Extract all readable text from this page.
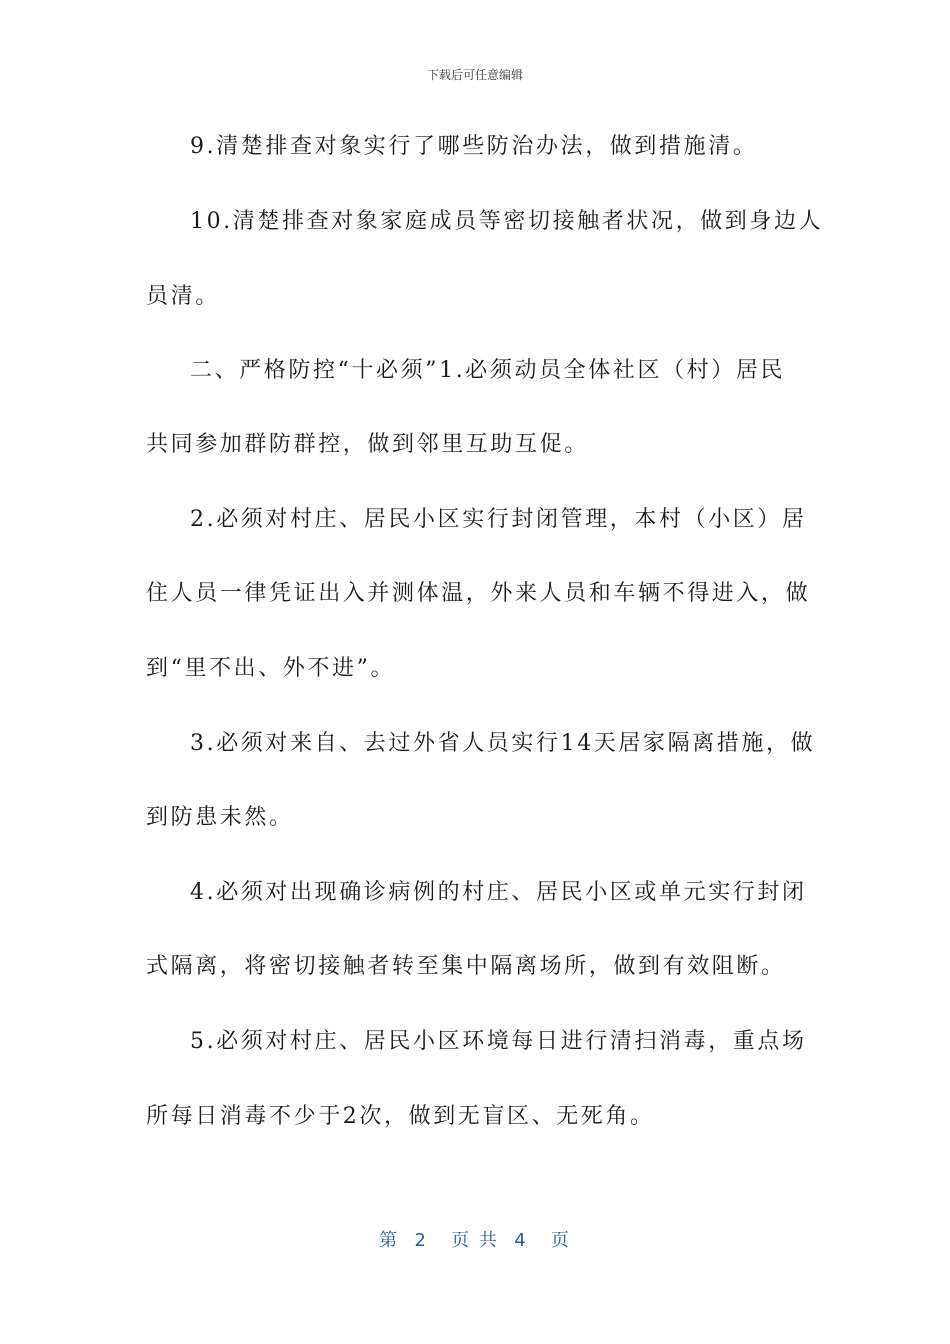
下载后可任意编辑
9.清楚排查对象实行了哪些防治办法，做到措施清。
10.清楚排查对象家庭成员等密切接触者状况，做到身边人
员清。
二、严格防控“十必须”1.必须动员全体社区（村）居民
共同参加群防群控，做到邻里互助互促。
2.必须对村庄、居民小区实行封闭管理，本村（小区）居
住人员一律凭证出入并测体温，外来人员和车辆不得进入，做
到“里不出、外不进”。
3.必须对来自、去过外省人员实行14天居家隔离措施，做
到防患未然。
4.必须对出现确诊病例的村庄、居民小区或单元实行封闭
式隔离，将密切接触者转至集中隔离场所，做到有效阻断。
5.必须对村庄、居民小区环境每日进行清扫消毒，重点场
所每日消毒不少于2次，做到无盲区、无死角。
第  2   页 共  4   页
